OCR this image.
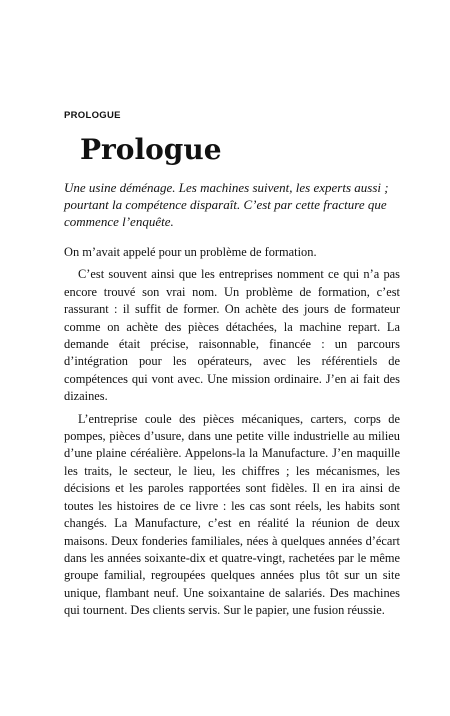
PROLOGUE
Prologue

Une usine déménage. Les machines suivent, les experts aussi ; pourtant la compétence disparaît. C’est par cette fracture que commence l’enquête.

On m’avait appelé pour un problème de formation.

C’est souvent ainsi que les entreprises nomment ce qui n’a pas encore trouvé son vrai nom. Un problème de formation, c’est rassurant : il suffit de former. On achète des jours de formateur comme on achète des pièces détachées, la machine repart. La demande était précise, raisonnable, financée : un parcours d’intégration pour les opérateurs, avec les référentiels de compétences qui vont avec. Une mission ordinaire. J’en ai fait des dizaines.

L’entreprise coule des pièces mécaniques, carters, corps de pompes, pièces d’usure, dans une petite ville industrielle au milieu d’une plaine céréalière. Appelons-la la Manufacture. J’en maquille les traits, le secteur, le lieu, les chiffres ; les mécanismes, les décisions et les paroles rapportées sont fidèles. Il en ira ainsi de toutes les histoires de ce livre : les cas sont réels, les habits sont changés. La Manufacture, c’est en réalité la réunion de deux maisons. Deux fonderies familiales, nées à quelques années d’écart dans les années soixante-dix et quatre-vingt, rachetées par le même groupe familial, regroupées quelques années plus tôt sur un site unique, flambant neuf. Une soixantaine de salariés. Des machines qui tournent. Des clients servis. Sur le papier, une fusion réussie.
